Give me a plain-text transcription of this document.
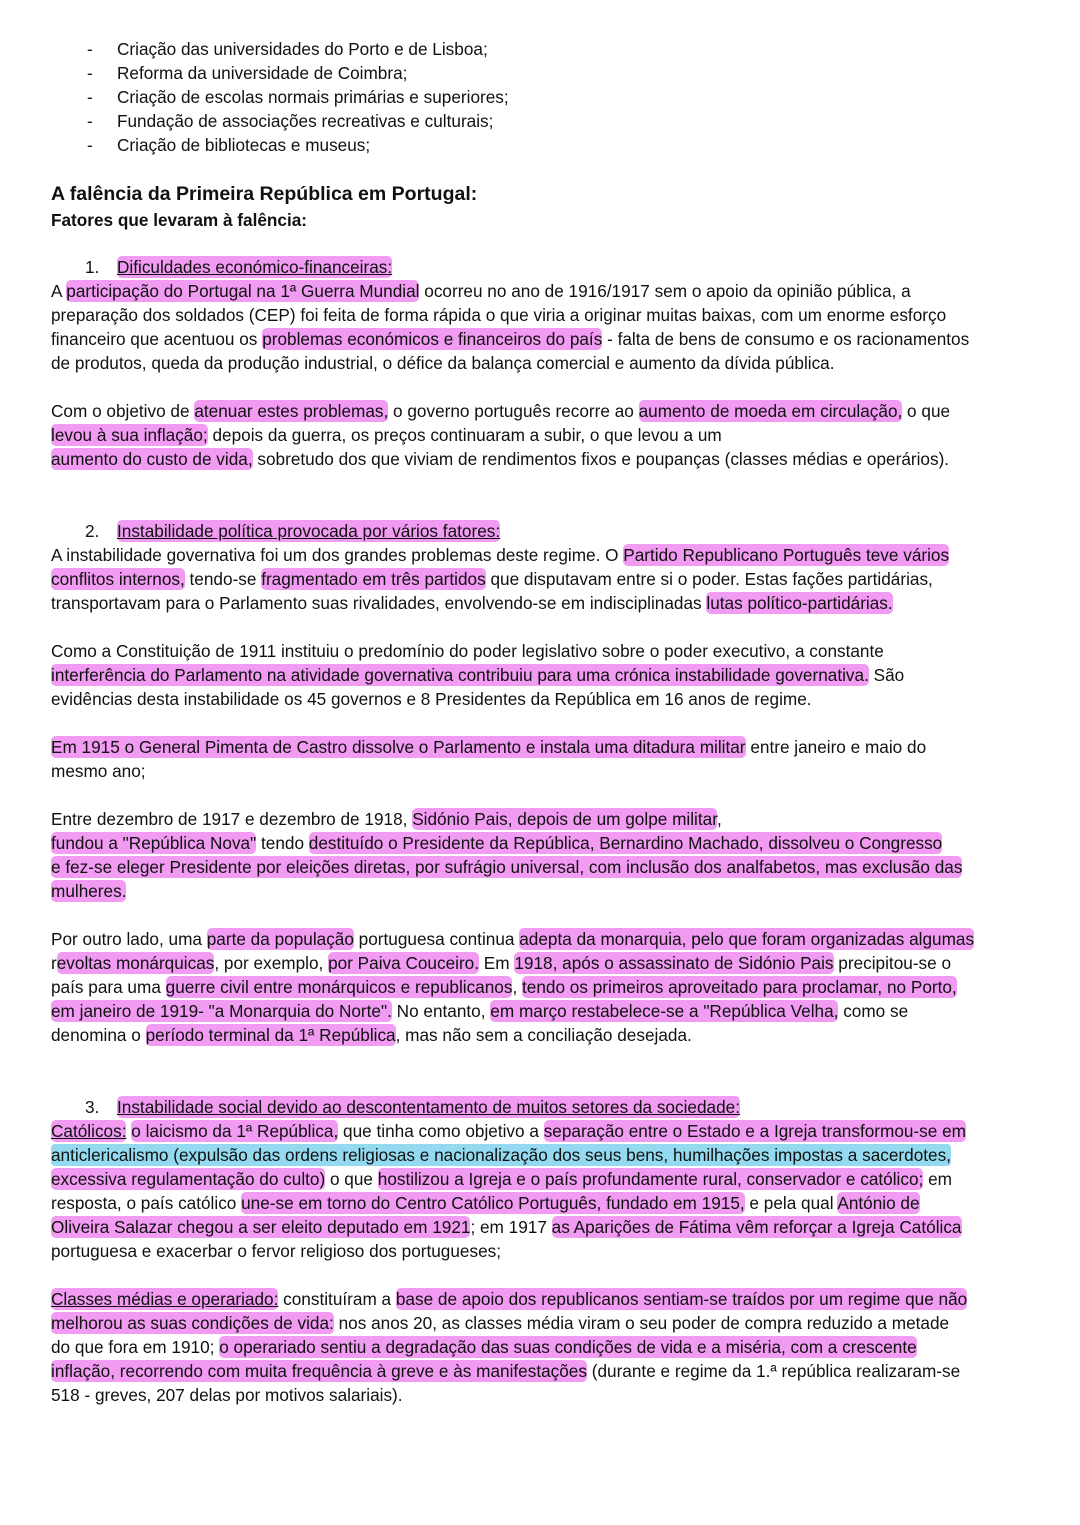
- Criação das universidades do Porto e de Lisboa;
- Reforma da universidade de Coimbra;
- Criação de escolas normais primárias e superiores;
- Fundação de associações recreativas e culturais;
- Criação de bibliotecas e museus;
A falência da Primeira República em Portugal:
Fatores que levaram à falência:
1. Dificuldades económico-financeiras:
A participação do Portugal na 1ª Guerra Mundial ocorreu no ano de 1916/1917 sem o apoio da opinião pública, a
preparação dos soldados (CEP) foi feita de forma rápida o que viria a originar muitas baixas, com um enorme esforço
financeiro que acentuou os problemas económicos e financeiros do país - falta de bens de consumo e os racionamentos
de produtos, queda da produção industrial, o défice da balança comercial e aumento da dívida pública.
Com o objetivo de atenuar estes problemas, o governo português recorre ao aumento de moeda em circulação, o que
levou à sua inflação; depois da guerra, os preços continuaram a subir, o que levou a um
aumento do custo de vida, sobretudo dos que viviam de rendimentos fixos e poupanças (classes médias e operários).
2. Instabilidade política provocada por vários fatores:
A instabilidade governativa foi um dos grandes problemas deste regime. O Partido Republicano Português teve vários
conflitos internos, tendo-se fragmentado em três partidos que disputavam entre si o poder. Estas fações partidárias,
transportavam para o Parlamento suas rivalidades, envolvendo-se em indisciplinadas lutas político-partidárias.
Como a Constituição de 1911 instituiu o predomínio do poder legislativo sobre o poder executivo, a constante
interferência do Parlamento na atividade governativa contribuiu para uma crónica instabilidade governativa. São
evidências desta instabilidade os 45 governos e 8 Presidentes da República em 16 anos de regime.
Em 1915 o General Pimenta de Castro dissolve o Parlamento e instala uma ditadura militar entre janeiro e maio do
mesmo ano;
Entre dezembro de 1917 e dezembro de 1918, Sidónio Pais, depois de um golpe militar,
fundou a "República Nova" tendo destituído o Presidente da República, Bernardino Machado, dissolveu o Congresso
e fez-se eleger Presidente por eleições diretas, por sufrágio universal, com inclusão dos analfabetos, mas exclusão das
mulheres.
Por outro lado, uma parte da população portuguesa continua adepta da monarquia, pelo que foram organizadas algumas
revoltas monárquicas, por exemplo, por Paiva Couceiro. Em 1918, após o assassinato de Sidónio Pais precipitou-se o
país para uma guerre civil entre monárquicos e republicanos, tendo os primeiros aproveitado para proclamar, no Porto,
em janeiro de 1919- "a Monarquia do Norte". No entanto, em março restabelece-se a "República Velha, como se
denomina o período terminal da 1ª República, mas não sem a conciliação desejada.
3. Instabilidade social devido ao descontentamento de muitos setores da sociedade:
Católicos: o laicismo da 1ª República, que tinha como objetivo a separação entre o Estado e a Igreja transformou-se em
anticlericalismo (expulsão das ordens religiosas e nacionalização dos seus bens, humilhações impostas a sacerdotes,
excessiva regulamentação do culto) o que hostilizou a Igreja e o país profundamente rural, conservador e católico; em
resposta, o país católico une-se em torno do Centro Católico Português, fundado em 1915, e pela qual António de
Oliveira Salazar chegou a ser eleito deputado em 1921; em 1917 as Aparições de Fátima vêm reforçar a Igreja Católica
portuguesa e exacerbar o fervor religioso dos portugueses;
Classes médias e operariado: constituíram a base de apoio dos republicanos sentiam-se traídos por um regime que não
melhorou as suas condições de vida: nos anos 20, as classes média viram o seu poder de compra reduzido a metade
do que fora em 1910; o operariado sentiu a degradação das suas condições de vida e a miséria, com a crescente
inflação, recorrendo com muita frequência à greve e às manifestações (durante e regime da 1.ª república realizaram-se
518 - greves, 207 delas por motivos salariais).
